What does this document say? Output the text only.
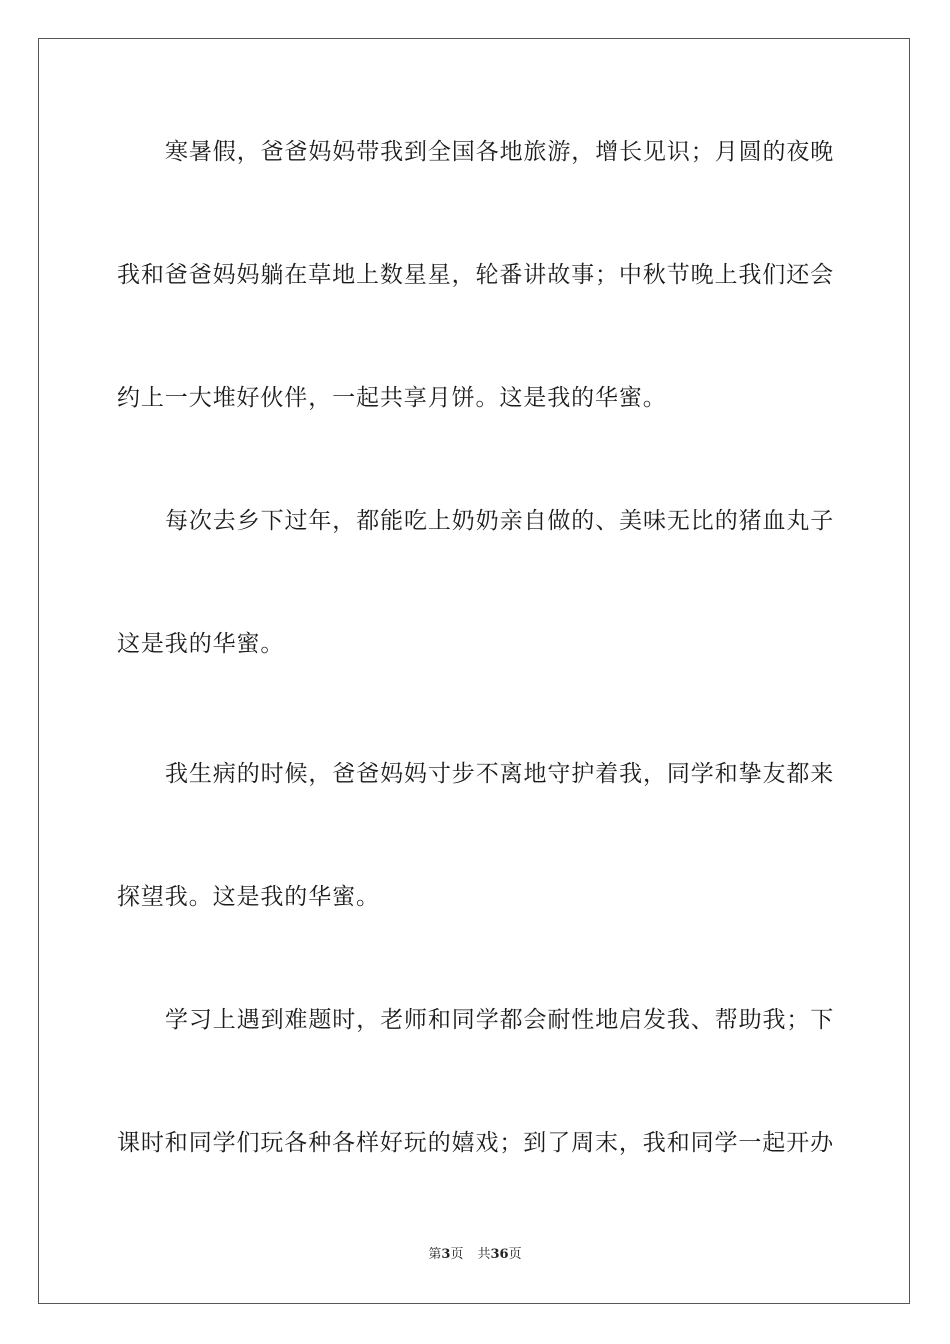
寒暑假，爸爸妈妈带我到全国各地旅游，增长见识；月圆的夜晚
我和爸爸妈妈躺在草地上数星星，轮番讲故事；中秋节晚上我们还会
约上一大堆好伙伴，一起共享月饼。这是我的华蜜。
每次去乡下过年，都能吃上奶奶亲自做的、美味无比的猪血丸子
这是我的华蜜。
我生病的时候，爸爸妈妈寸步不离地守护着我，同学和挚友都来
探望我。这是我的华蜜。
学习上遇到难题时，老师和同学都会耐性地启发我、帮助我；下
课时和同学们玩各种各样好玩的嬉戏；到了周末，我和同学一起开办
第3页 共36页
